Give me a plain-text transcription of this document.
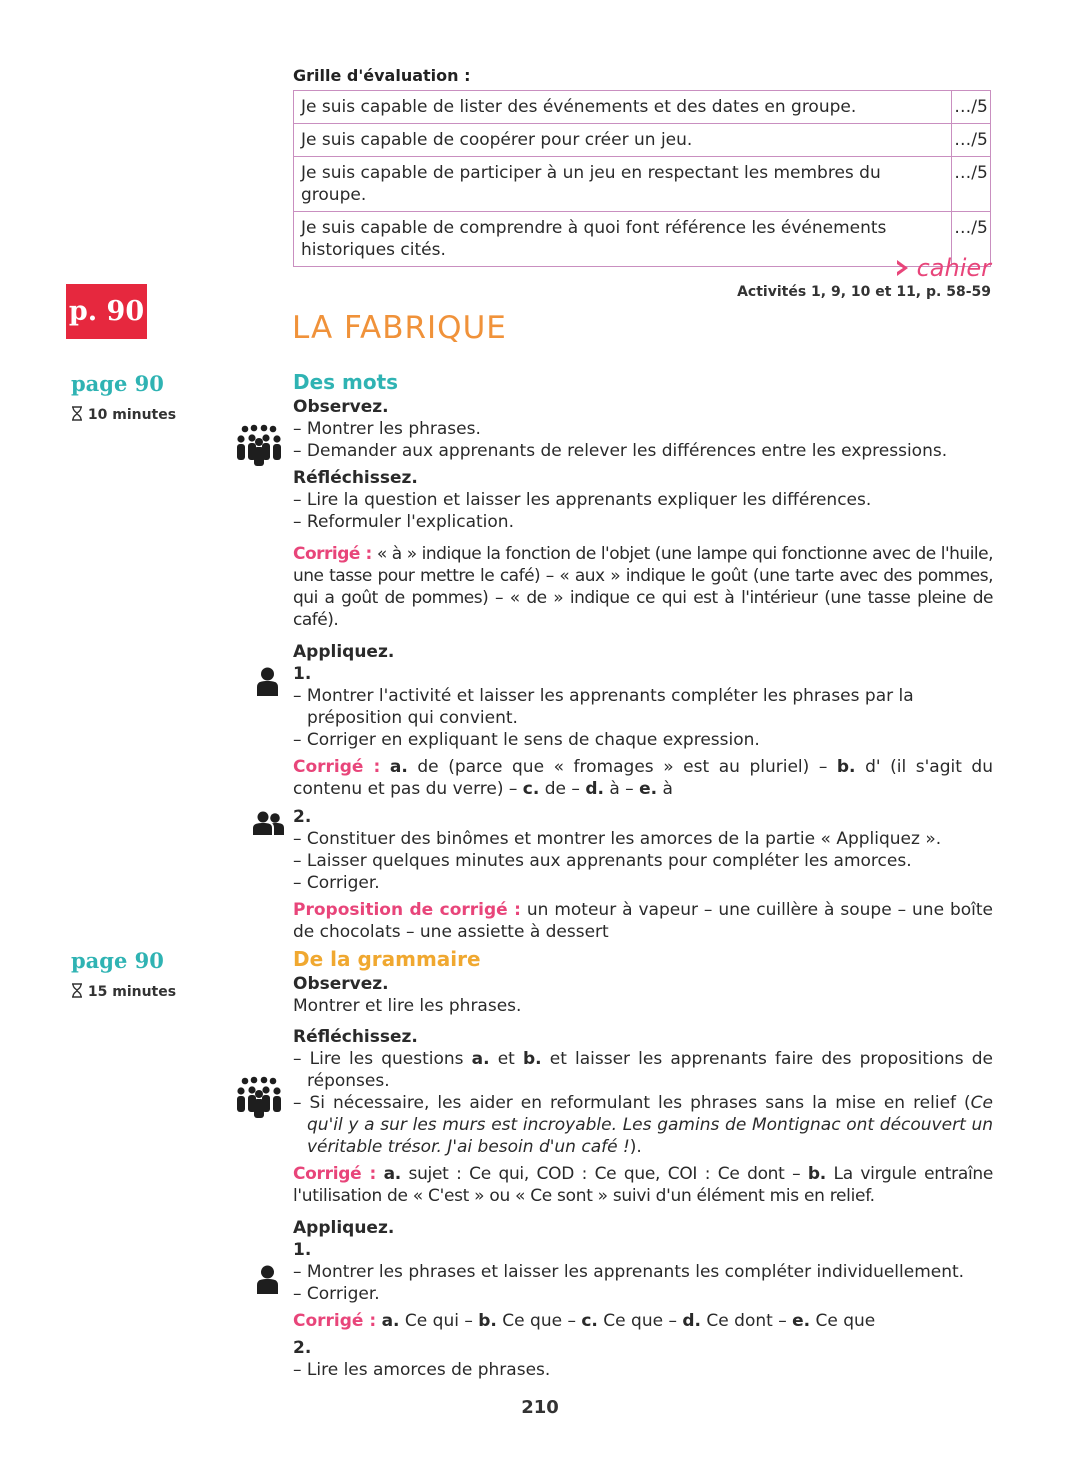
Grille d'évaluation :
Je suis capable de lister des événements et des dates en groupe.	…/5
Je suis capable de coopérer pour créer un jeu.	…/5
Je suis capable de participer à un jeu en respectant les membres du groupe.	…/5
Je suis capable de comprendre à quoi font référence les événements historiques cités.	…/5
cahier
Activités 1, 9, 10 et 11, p. 58-59
p. 90	LA FABRIQUE
page 90
10 minutes
Des mots
Observez.
– Montrer les phrases.
– Demander aux apprenants de relever les différences entre les expressions.
Réfléchissez.
– Lire la question et laisser les apprenants expliquer les différences.
– Reformuler l'explication.
Corrigé : « à » indique la fonction de l'objet (une lampe qui fonctionne avec de l'huile, une tasse pour mettre le café) – « aux » indique le goût (une tarte avec des pommes, qui a goût de pommes) – « de » indique ce qui est à l'intérieur (une tasse pleine de café).
Appliquez.
1.
– Montrer l'activité et laisser les apprenants compléter les phrases par la préposition qui convient.
– Corriger en expliquant le sens de chaque expression.
Corrigé : a. de (parce que « fromages » est au pluriel) – b. d' (il s'agit du contenu et pas du verre) – c. de – d. à – e. à
2.
– Constituer des binômes et montrer les amorces de la partie « Appliquez ».
– Laisser quelques minutes aux apprenants pour compléter les amorces.
– Corriger.
Proposition de corrigé : un moteur à vapeur – une cuillère à soupe – une boîte de chocolats – une assiette à dessert
page 90
15 minutes
De la grammaire
Observez.
Montrer et lire les phrases.
Réfléchissez.
– Lire les questions a. et b. et laisser les apprenants faire des propositions de réponses.
– Si nécessaire, les aider en reformulant les phrases sans la mise en relief (Ce qu'il y a sur les murs est incroyable. Les gamins de Montignac ont découvert un véritable trésor. J'ai besoin d'un café !).
Corrigé : a. sujet : Ce qui, COD : Ce que, COI : Ce dont – b. La virgule entraîne l'utilisation de « C'est » ou « Ce sont » suivi d'un élément mis en relief.
Appliquez.
1.
– Montrer les phrases et laisser les apprenants les compléter individuellement.
– Corriger.
Corrigé : a. Ce qui – b. Ce que – c. Ce que – d. Ce dont – e. Ce que
2.
– Lire les amorces de phrases.
210
